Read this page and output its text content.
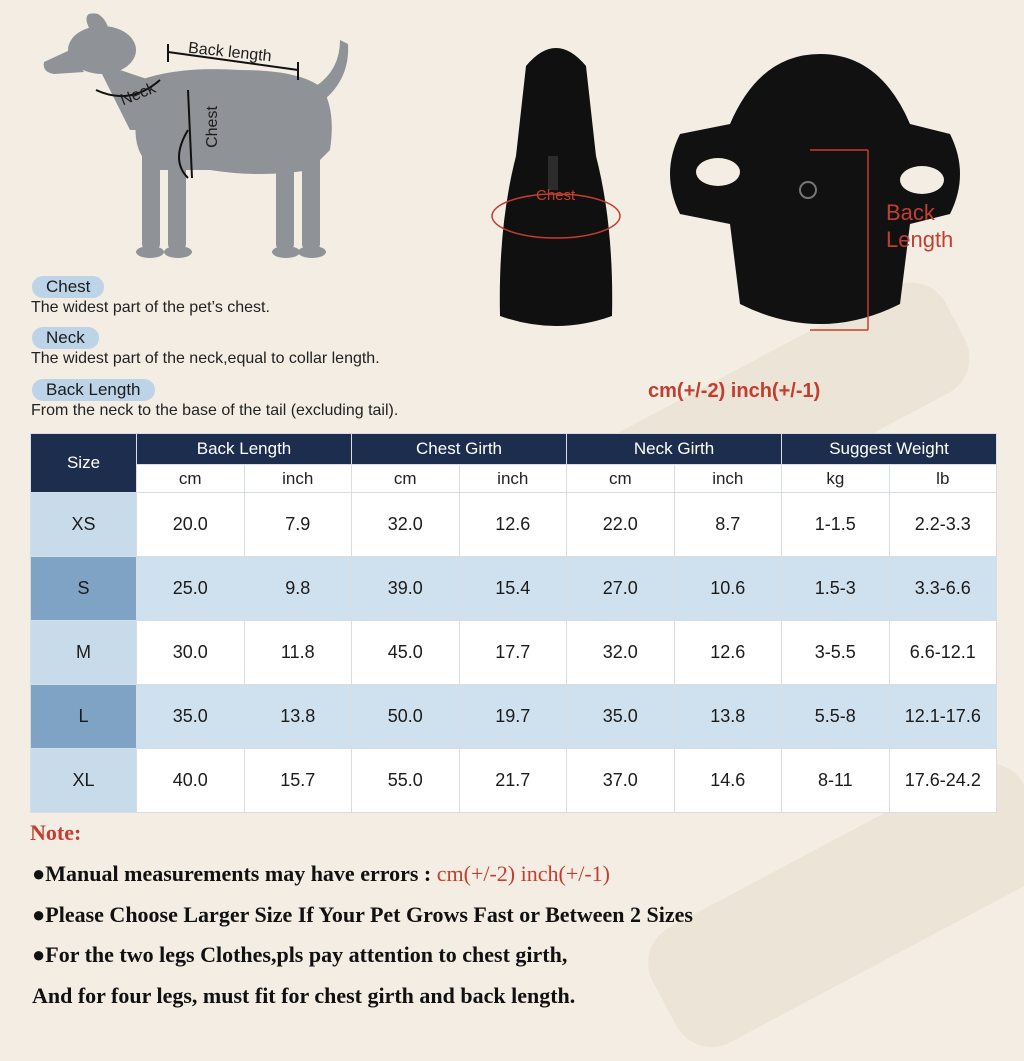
Back length
Neck
Chest
Chest
The widest part of the pet’s chest.
Neck
The widest part of the neck,equal to collar length.
Back Length
From the neck to the base of the tail (excluding tail).
Chest
Back
Length
cm(+/-2) inch(+/-1)
Size	Back Length		Chest Girth		Neck Girth		Suggest Weight	
	cm	inch	cm	inch	cm	inch	kg	lb
XS	20.0	7.9	32.0	12.6	22.0	8.7	1-1.5	2.2-3.3
S	25.0	9.8	39.0	15.4	27.0	10.6	1.5-3	3.3-6.6
M	30.0	11.8	45.0	17.7	32.0	12.6	3-5.5	6.6-12.1
L	35.0	13.8	50.0	19.7	35.0	13.8	5.5-8	12.1-17.6
XL	40.0	15.7	55.0	21.7	37.0	14.6	8-11	17.6-24.2
Note:
●Manual measurements may have errors : cm(+/-2) inch(+/-1)
●Please Choose Larger Size If Your Pet Grows Fast or Between 2 Sizes
●For the two legs Clothes,pls pay attention to chest girth,
And for four legs, must fit for chest girth and back length.
